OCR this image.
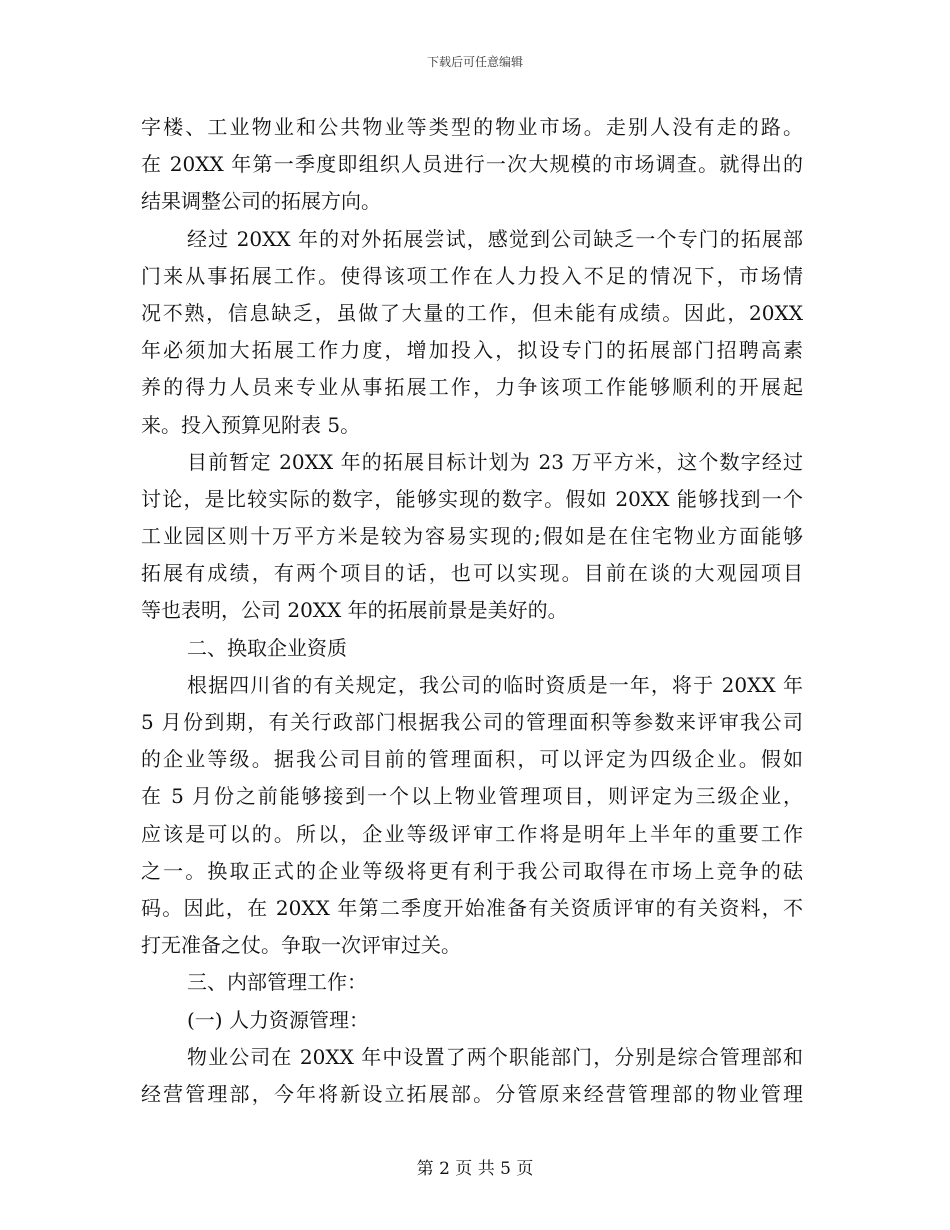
下载后可任意编辑
字楼、工业物业和公共物业等类型的物业市场。走别人没有走的路。
在 20XX 年第一季度即组织人员进行一次大规模的市场调查。就得出的
结果调整公司的拓展方向。
经过 20XX 年的对外拓展尝试，感觉到公司缺乏一个专门的拓展部
门来从事拓展工作。使得该项工作在人力投入不足的情况下，市场情
况不熟，信息缺乏，虽做了大量的工作，但未能有成绩。因此，20XX
年必须加大拓展工作力度，增加投入，拟设专门的拓展部门招聘高素
养的得力人员来专业从事拓展工作，力争该项工作能够顺利的开展起
来。投入预算见附表 5。
目前暂定 20XX 年的拓展目标计划为 23 万平方米，这个数字经过
讨论，是比较实际的数字，能够实现的数字。假如 20XX 能够找到一个
工业园区则十万平方米是较为容易实现的;假如是在住宅物业方面能够
拓展有成绩，有两个项目的话，也可以实现。目前在谈的大观园项目
等也表明，公司 20XX 年的拓展前景是美好的。
二、换取企业资质
根据四川省的有关规定，我公司的临时资质是一年，将于 20XX 年
5 月份到期，有关行政部门根据我公司的管理面积等参数来评审我公司
的企业等级。据我公司目前的管理面积，可以评定为四级企业。假如
在 5 月份之前能够接到一个以上物业管理项目，则评定为三级企业，
应该是可以的。所以，企业等级评审工作将是明年上半年的重要工作
之一。换取正式的企业等级将更有利于我公司取得在市场上竞争的砝
码。因此，在 20XX 年第二季度开始准备有关资质评审的有关资料，不
打无准备之仗。争取一次评审过关。
三、内部管理工作：
(一) 人力资源管理：
物业公司在 20XX 年中设置了两个职能部门，分别是综合管理部和
经营管理部，今年将新设立拓展部。分管原来经营管理部的物业管理
第 2 页 共 5 页
